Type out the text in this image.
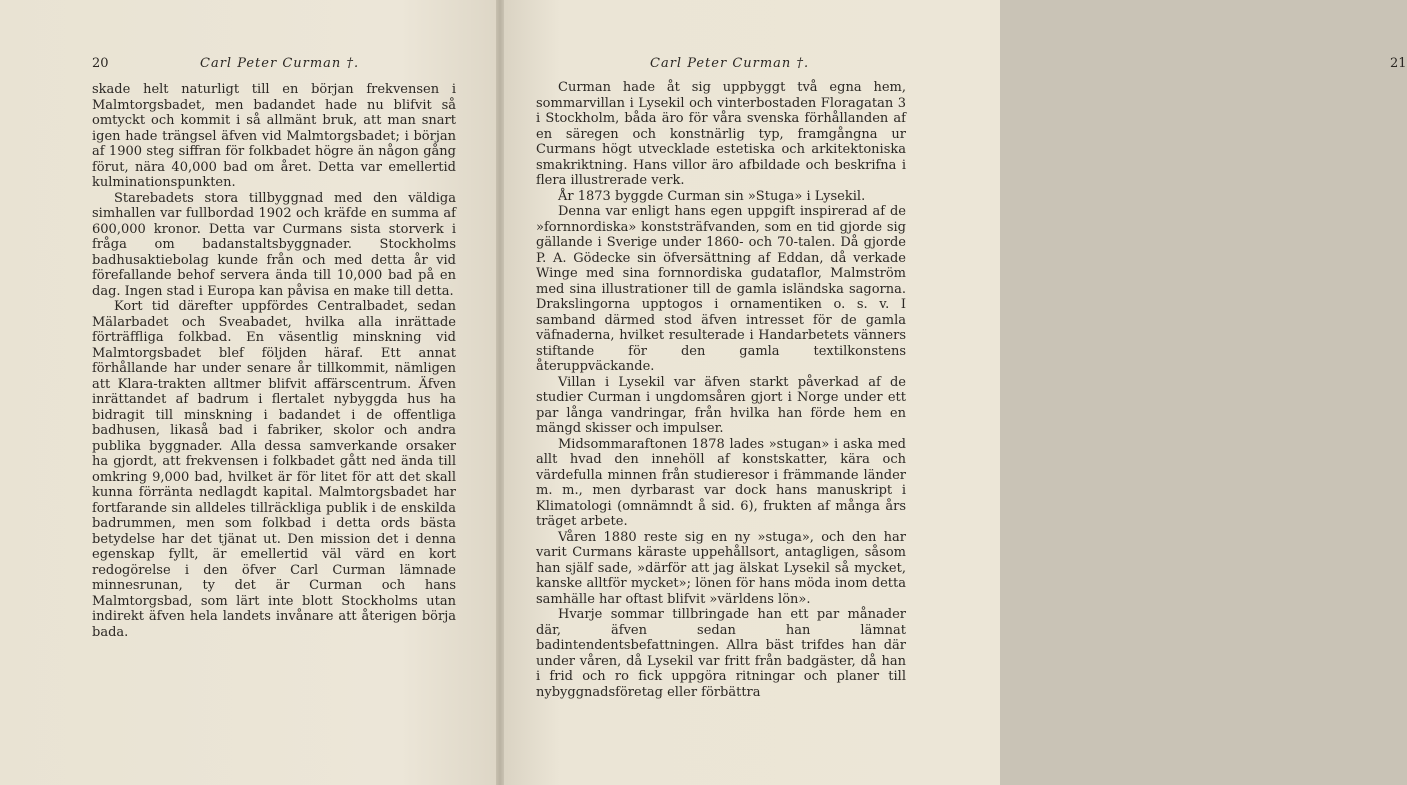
20	Carl Peter Curman †.

skade helt naturligt till en början frekvensen i Malmtorgsbadet, men badandet hade nu blifvit så omtyckt och kommit i så allmänt bruk, att man snart igen hade trängsel äfven vid Malmtorgsbadet; i början af 1900 steg siffran för folkbadet högre än någon gång förut, nära 40,000 bad om året. Detta var emellertid kulminationspunkten.

Starebadets stora tillbyggnad med den väldiga simhallen var fullbordad 1902 och kräfde en summa af 600,000 kronor. Detta var Curmans sista storverk i fråga om badanstaltsbyggnader. Stockholms badhusaktiebolag kunde från och med detta år vid förefallande behof servera ända till 10,000 bad på en dag. Ingen stad i Europa kan påvisa en make till detta.

Kort tid därefter uppfördes Centralbadet, sedan Mälarbadet och Sveabadet, hvilka alla inrättade förträffliga folkbad. En väsentlig minskning vid Malmtorgsbadet blef följden häraf. Ett annat förhållande har under senare år tillkommit, nämligen att Klara-trakten alltmer blifvit affärscentrum. Äfven inrättandet af badrum i flertalet nybyggda hus ha bidragit till minskning i badandet i de offentliga badhusen, likaså bad i fabriker, skolor och andra publika byggnader. Alla dessa samverkande orsaker ha gjordt, att frekvensen i folkbadet gått ned ända till omkring 9,000 bad, hvilket är för litet för att det skall kunna förränta nedlagdt kapital. Malmtorgsbadet har fortfarande sin alldeles tillräckliga publik i de enskilda badrummen, men som folkbad i detta ords bästa betydelse har det tjänat ut. Den mission det i denna egenskap fyllt, är emellertid väl värd en kort redogörelse i den öfver Carl Curman lämnade minnesrunan, ty det är Curman och hans Malmtorgsbad, som lärt inte blott Stockholms utan indirekt äfven hela landets invånare att återigen börja bada.

Carl Peter Curman †.	21

Curman hade åt sig uppbyggt två egna hem, sommarvillan i Lysekil och vinterbostaden Floragatan 3 i Stockholm, båda äro för våra svenska förhållanden af en säregen och konstnärlig typ, framgångna ur Curmans högt utvecklade estetiska och arkitektoniska smakriktning. Hans villor äro afbildade och beskrifna i flera illustrerade verk.

År 1873 byggde Curman sin »Stuga» i Lysekil.

Denna var enligt hans egen uppgift inspirerad af de »fornnordiska» konststräfvanden, som en tid gjorde sig gällande i Sverige under 1860- och 70-talen. Då gjorde P. A. Gödecke sin öfversättning af Eddan, då verkade Winge med sina fornnordiska gudataflor, Malmström med sina illustrationer till de gamla isländska sagorna. Drakslingorna upptogos i ornamentiken o. s. v. I samband därmed stod äfven intresset för de gamla väfnaderna, hvilket resulterade i Handarbetets vänners stiftande för den gamla textilkonstens återuppväckande.

Villan i Lysekil var äfven starkt påverkad af de studier Curman i ungdomsåren gjort i Norge under ett par långa vandringar, från hvilka han förde hem en mängd skisser och impulser.

Midsommaraftonen 1878 lades »stugan» i aska med allt hvad den innehöll af konstskatter, kära och värdefulla minnen från studieresor i främmande länder m. m., men dyrbarast var dock hans manuskript i Klimatologi (omnämndt å sid. 6), frukten af många års träget arbete.

Våren 1880 reste sig en ny »stuga», och den har varit Curmans käraste uppehållsort, antagligen, såsom han själf sade, »därför att jag älskat Lysekil så mycket, kanske alltför mycket»; lönen för hans möda inom detta samhälle har oftast blifvit »världens lön».

Hvarje sommar tillbringade han ett par månader där, äfven sedan han lämnat badintendentsbefattningen. Allra bäst trifdes han där under våren, då Lysekil var fritt från badgäster, då han i frid och ro fick uppgöra ritningar och planer till nybyggnadsföretag eller förbättra
